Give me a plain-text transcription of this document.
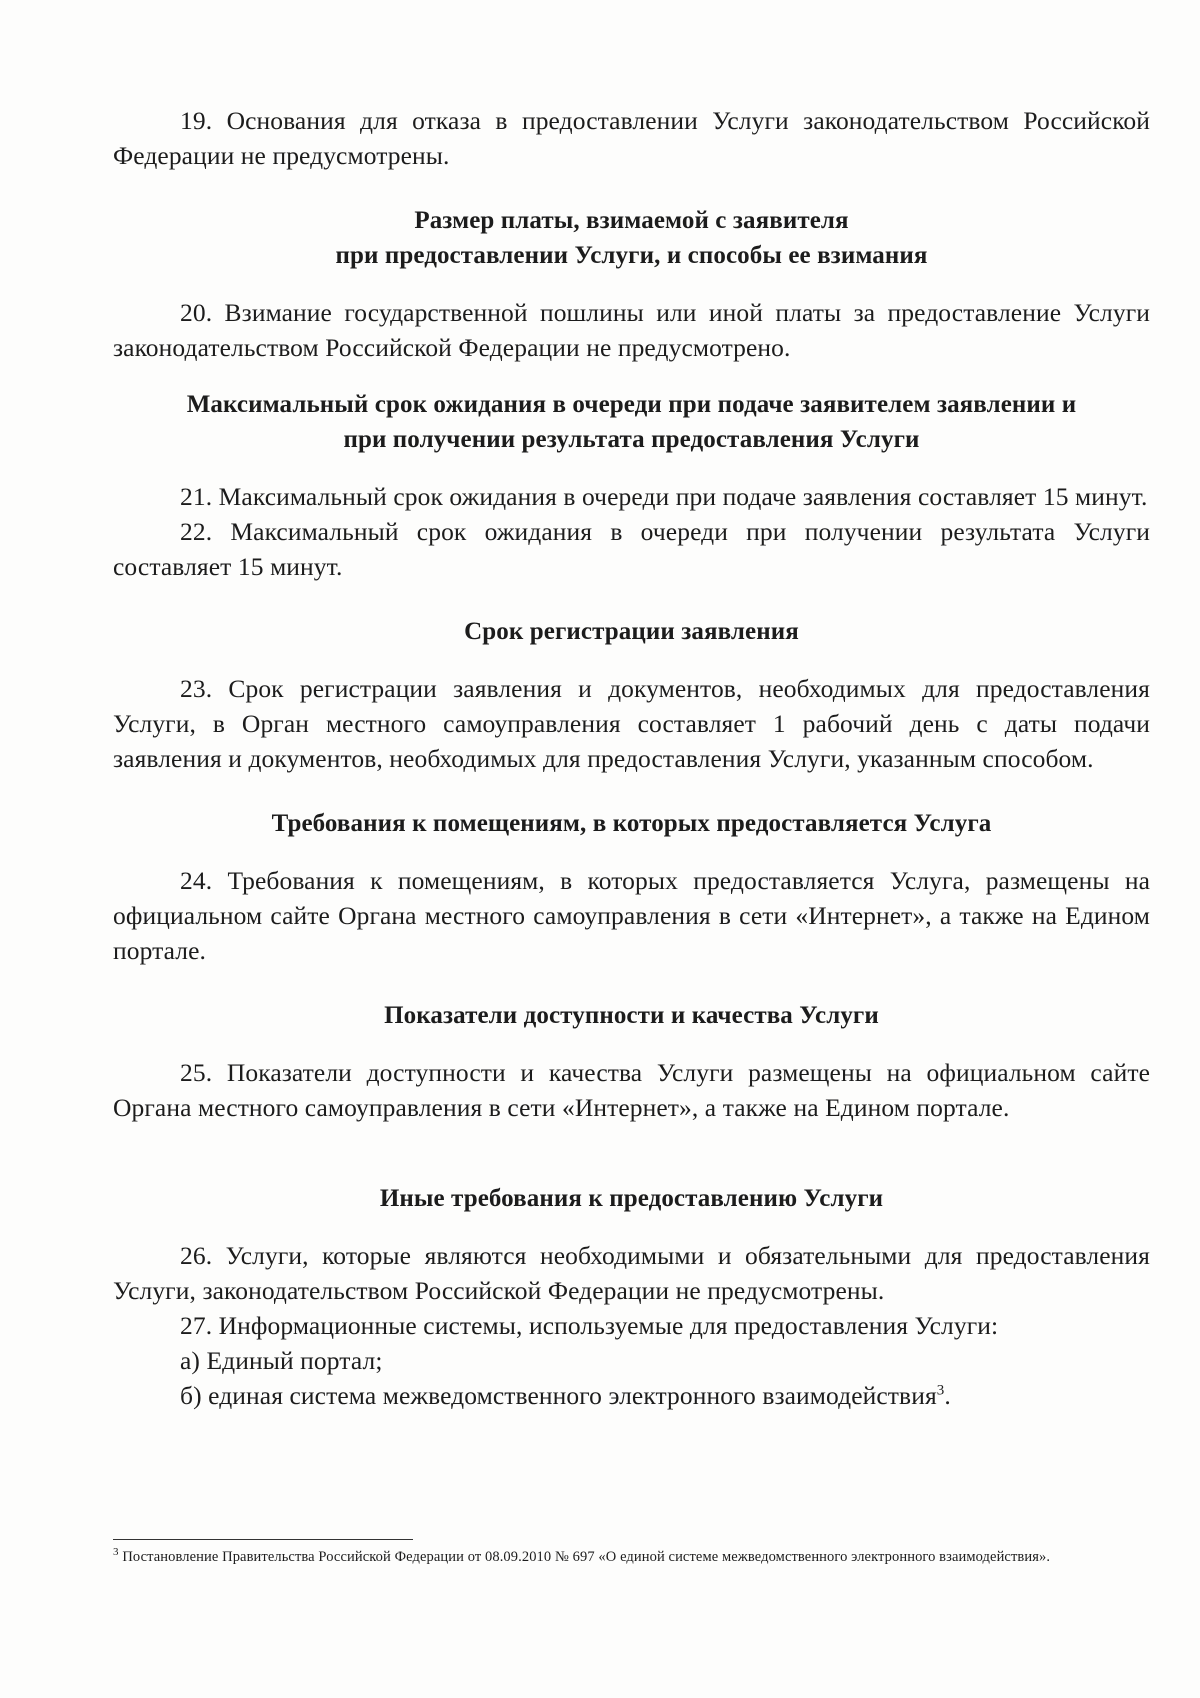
19. Основания для отказа в предоставлении Услуги законодательством Российской Федерации не предусмотрены.

Размер платы, взимаемой с заявителя
при предоставлении Услуги, и способы ее взимания

20. Взимание государственной пошлины или иной платы за предоставление Услуги законодательством Российской Федерации не предусмотрено.

Максимальный срок ожидания в очереди при подаче заявителем заявлении и
при получении результата предоставления Услуги

21. Максимальный срок ожидания в очереди при подаче заявления составляет 15 минут.

22. Максимальный срок ожидания в очереди при получении результата Услуги составляет 15 минут.

Срок регистрации заявления

23. Срок регистрации заявления и документов, необходимых для предоставления Услуги, в Орган местного самоуправления составляет 1 рабочий день с даты подачи заявления и документов, необходимых для предоставления Услуги, указанным способом.

Требования к помещениям, в которых предоставляется Услуга

24. Требования к помещениям, в которых предоставляется Услуга, размещены на официальном сайте Органа местного самоуправления в сети «Интернет», а также на Едином портале.

Показатели доступности и качества Услуги

25. Показатели доступности и качества Услуги размещены на официальном сайте Органа местного самоуправления в сети «Интернет», а также на Едином портале.

Иные требования к предоставлению Услуги

26. Услуги, которые являются необходимыми и обязательными для предоставления Услуги, законодательством Российской Федерации не предусмотрены.

27. Информационные системы, используемые для предоставления Услуги:

а) Единый портал;

б) единая система межведомственного электронного взаимодействия$^3$.

$^3$ Постановление Правительства Российской Федерации от 08.09.2010 № 697 «О единой системе межведомственного электронного взаимодействия».
